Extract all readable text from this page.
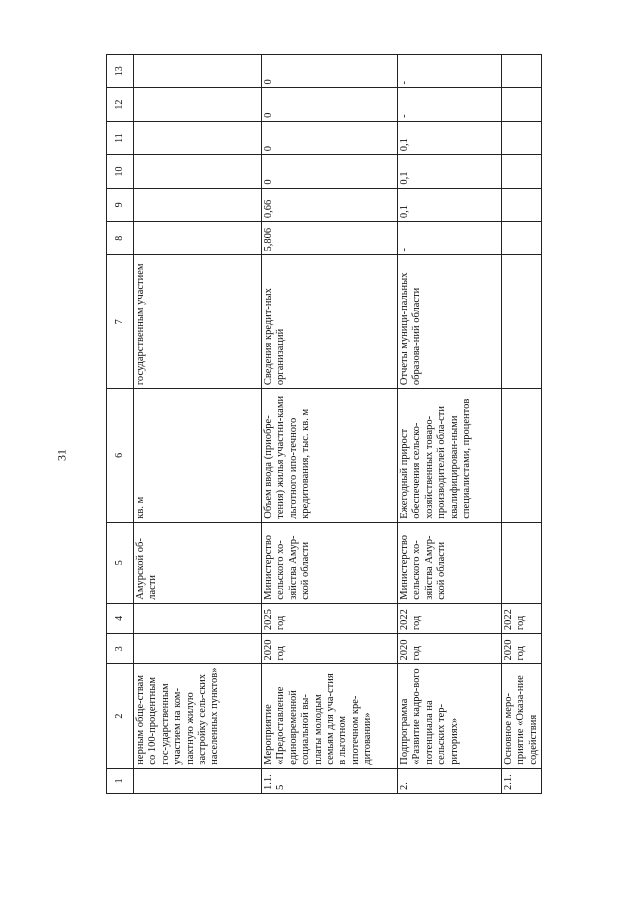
31
1	2	3	4	5	6	7	8	9	10	11	12	13
	нерным обще-ствам со 100-процентным гос-ударственным участием на ком-пактную жилую застройку сель-ских населенных пунктов»			Амурской об-ласти	кв. м	государственным участием						
1.1.5	Мероприятие «Предоставление единовременной социальной вы-платы молодым семьям для уча-стия в льготном ипотечном кре-дитовании»	2020 год	2025 год	Министерство сельского хо-зяйства Амур-ской области	Объем ввода (приобре-тения) жилья участни-ками льготного ипо-течного кредитования, тыс. кв. м	Сведения кредит-ных организаций	5,806	0,66	0	0	0	0
2.	Подпрограмма «Развитие кадро-вого потенциала на сельских тер-риториях»	2020 год	2022 год	Министерство сельского хо-зяйства Амур-ской области	Ежегодный прирост обеспечения сельско-хозяйственных товаро-производителей обла-сти квалифицирован-ными специалистами, процентов	Отчеты муници-пальных образова-ний области	-	0,1	0,1	0,1	-	-
2.1.	Основное меро-приятие «Оказа-ние содействия	2020 год	2022 год									
